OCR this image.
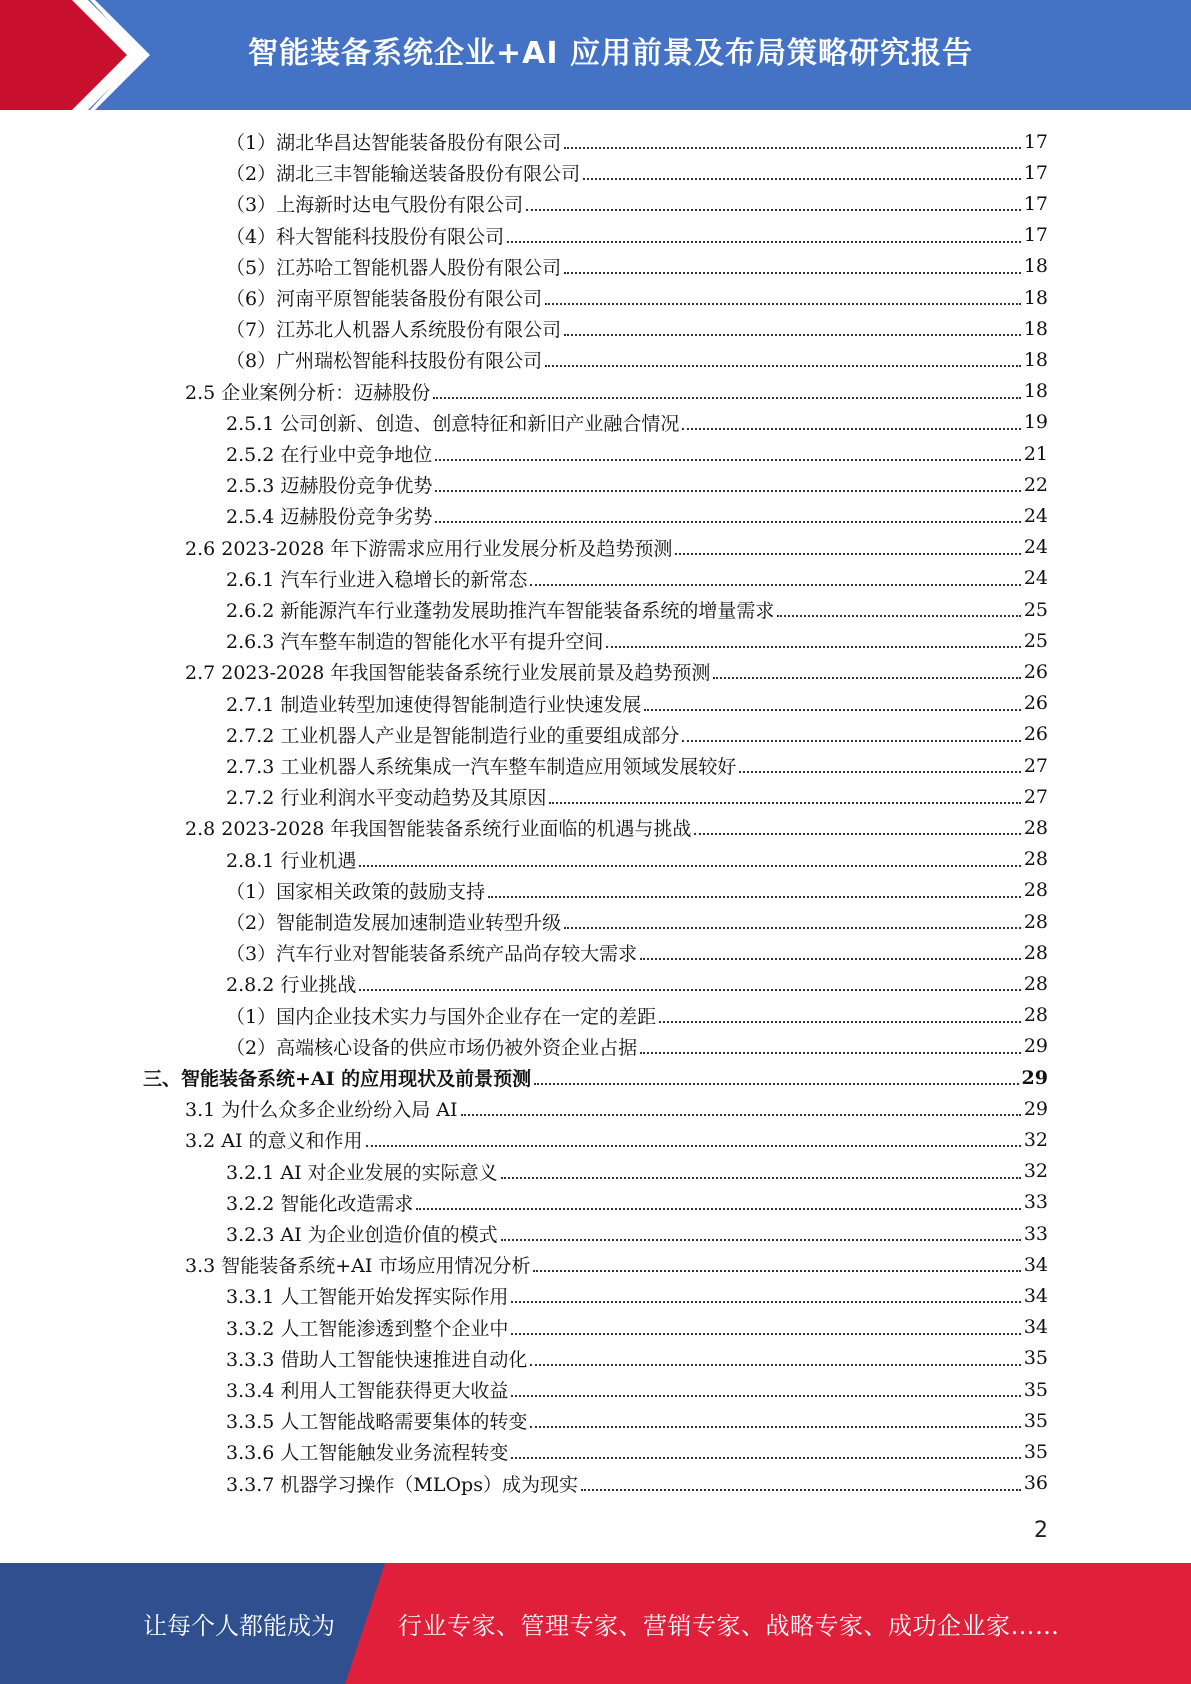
智能装备系统企业+AI 应用前景及布局策略研究报告
（1）湖北华昌达智能装备股份有限公司	17
（2）湖北三丰智能输送装备股份有限公司	17
（3）上海新时达电气股份有限公司	17
（4）科大智能科技股份有限公司	17
（5）江苏哈工智能机器人股份有限公司	18
（6）河南平原智能装备股份有限公司	18
（7）江苏北人机器人系统股份有限公司	18
（8）广州瑞松智能科技股份有限公司	18
2.5 企业案例分析：迈赫股份	18
2.5.1 公司创新、创造、创意特征和新旧产业融合情况	19
2.5.2 在行业中竞争地位	21
2.5.3 迈赫股份竞争优势	22
2.5.4 迈赫股份竞争劣势	24
2.6 2023-2028 年下游需求应用行业发展分析及趋势预测	24
2.6.1 汽车行业进入稳增长的新常态	24
2.6.2 新能源汽车行业蓬勃发展助推汽车智能装备系统的增量需求	25
2.6.3 汽车整车制造的智能化水平有提升空间	25
2.7 2023-2028 年我国智能装备系统行业发展前景及趋势预测	26
2.7.1 制造业转型加速使得智能制造行业快速发展	26
2.7.2 工业机器人产业是智能制造行业的重要组成部分	26
2.7.3 工业机器人系统集成一汽车整车制造应用领域发展较好	27
2.7.2 行业利润水平变动趋势及其原因	27
2.8 2023-2028 年我国智能装备系统行业面临的机遇与挑战	28
2.8.1 行业机遇	28
（1）国家相关政策的鼓励支持	28
（2）智能制造发展加速制造业转型升级	28
（3）汽车行业对智能装备系统产品尚存较大需求	28
2.8.2 行业挑战	28
（1）国内企业技术实力与国外企业存在一定的差距	28
（2）高端核心设备的供应市场仍被外资企业占据	29
三、智能装备系统+AI 的应用现状及前景预测	29
3.1 为什么众多企业纷纷入局 AI	29
3.2 AI 的意义和作用	32
3.2.1 AI 对企业发展的实际意义	32
3.2.2 智能化改造需求	33
3.2.3 AI 为企业创造价值的模式	33
3.3 智能装备系统+AI 市场应用情况分析	34
3.3.1 人工智能开始发挥实际作用	34
3.3.2 人工智能渗透到整个企业中	34
3.3.3 借助人工智能快速推进自动化	35
3.3.4 利用人工智能获得更大收益	35
3.3.5 人工智能战略需要集体的转变	35
3.3.6 人工智能触发业务流程转变	35
3.3.7 机器学习操作（MLOps）成为现实	36
2
让每个人都能成为	行业专家、管理专家、营销专家、战略专家、成功企业家……
